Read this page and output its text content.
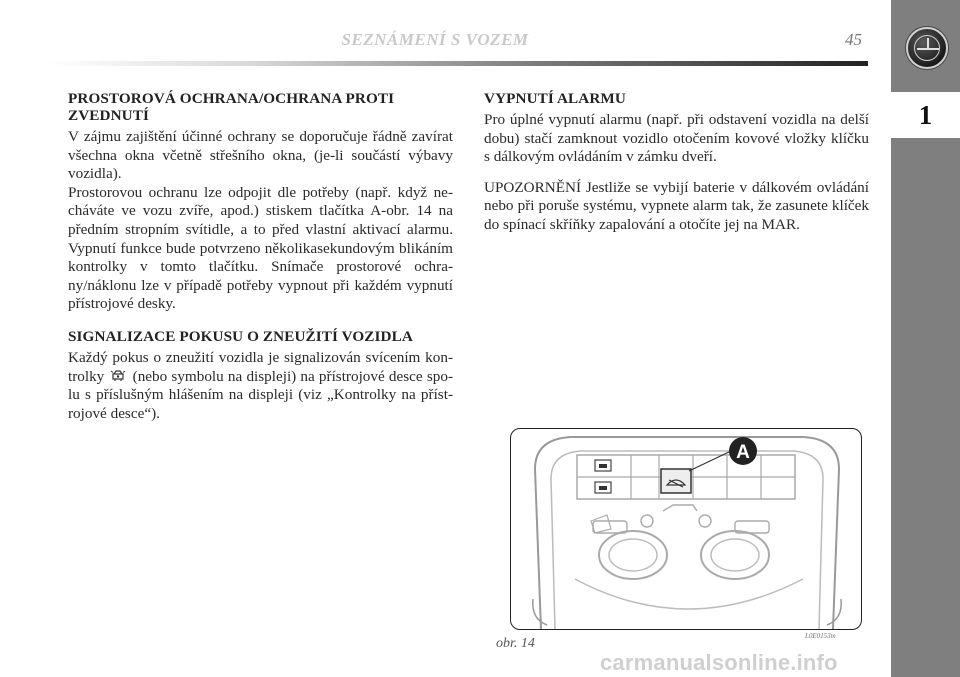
SEZNÁMENÍ S VOZEM	45
1
PROSTOROVÁ OCHRANA/OCHRANA PROTI ZVEDNUTÍ

V zájmu zajištění účinné ochrany se doporučuje řádně zavírat všechna okna včetně střešního okna, (je-li součástí výbavy vozidla).

Prostorovou ochranu lze odpojit dle potřeby (např. když necháváte ve vozu zvíře, apod.) stiskem tlačítka A-obr. 14 na předním stropním svítidle, a to před vlastní aktivací alarmu. Vypnutí funkce bude potvrzeno několikasekundovým blikáním kontrolky v tomto tlačítku. Snímače prostorové ochrany/náklonu lze v případě potřeby vypnout při každém vypnutí přístrojové desky.

SIGNALIZACE POKUSU O ZNEUŽITÍ VOZIDLA

Každý pokus o zneužití vozidla je signalizován svícením kontrolky (nebo symbolu na displeji) na přístrojové desce spolu s příslušným hlášením na displeji (viz „Kontrolky na přístrojové desce“).

VYPNUTÍ ALARMU

Pro úplné vypnutí alarmu (např. při odstavení vozidla na delší dobu) stačí zamknout vozidlo otočením kovové vložky klíčku s dálkovým ovládáním v zámku dveří.

UPOZORNĚNÍ Jestliže se vybijí baterie v dálkovém ovládání nebo při poruše systému, vypnete alarm tak, že zasunete klíček do spínací skříňky zapalování a otočíte jej na MAR.

A
obr. 14	L0E0153m
carmanualsonline.info
